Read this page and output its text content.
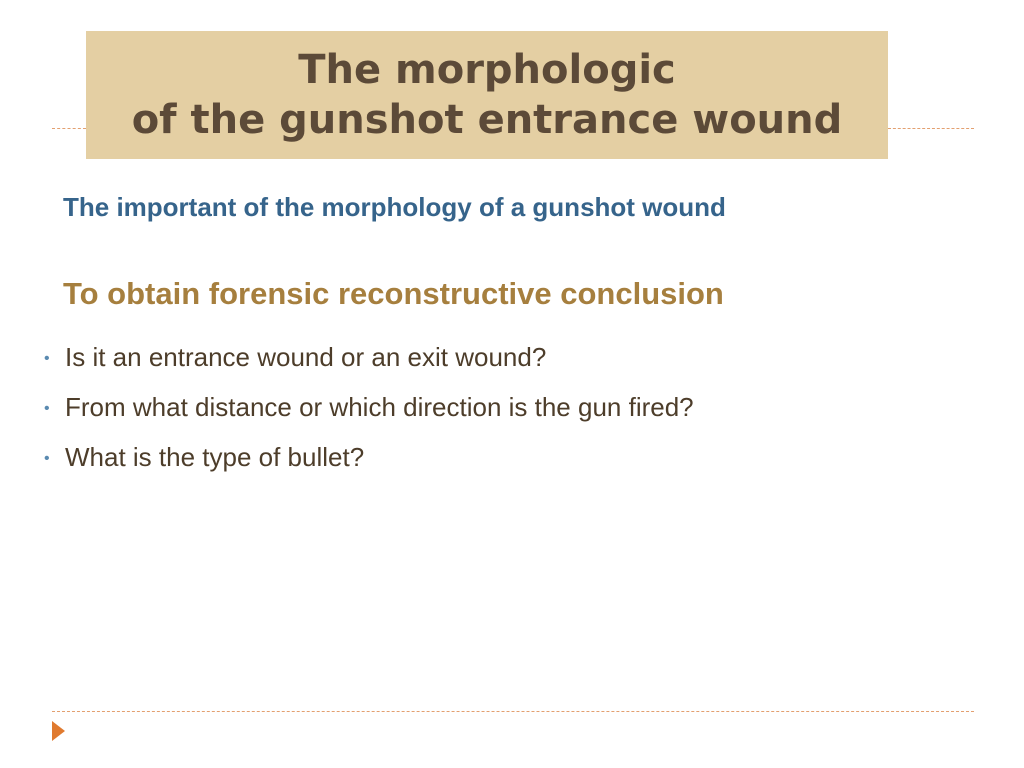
The morphologic
of the gunshot entrance wound
The important of the morphology of a gunshot wound
To obtain forensic reconstructive conclusion
• Is it an entrance wound or an exit wound?
• From what distance or which direction is the gun fired?
• What is the type of bullet?
